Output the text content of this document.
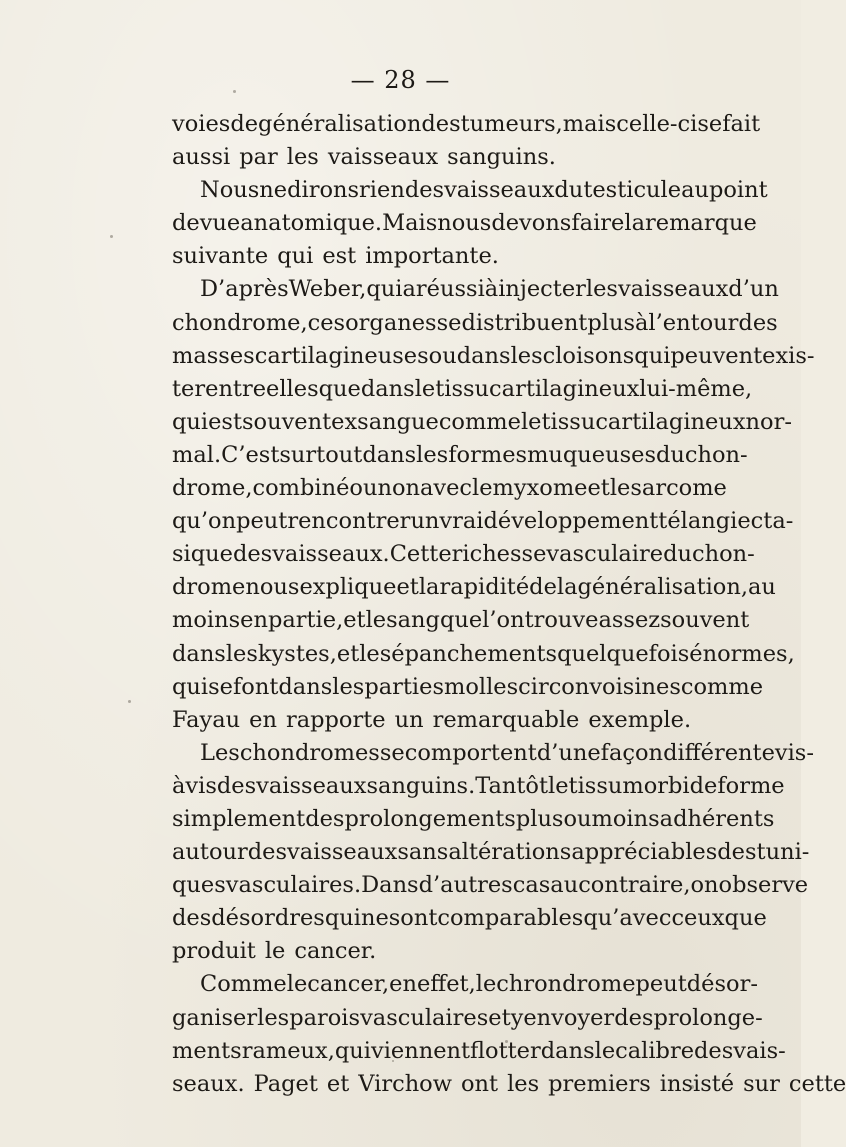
— 28 —
voies de généralisation des tumeurs, mais celle-ci se fait
aussi par les vaisseaux sanguins.
Nous ne dirons rien des vaisseaux du testicule au point
de vue anatomique. Mais nous devons faire la remarque
suivante qui est importante.
D’après Weber, qui a réussi à injecter les vaisseaux d’un
chondrome, ces organes se distribuent plus à l’entour des
masses cartilagineuses ou dans les cloisons qui peuvent exis-
ter entre elles que dans le tissu cartilagineux lui-même,
qui est souvent exsangue comme le tissu cartilagineux nor-
mal. C’est surtout dans les formes muqueuses du chon-
drome, combiné ou non avec le myxome et le sarcome
qu’on peut rencontrer un vrai développement télangiecta-
sique des vaisseaux. Cette richesse vasculaire du chon-
drome nous explique et la rapidité de la généralisation, au
moins en partie, et le sang que l’on trouve assez souvent
dans les kystes, et les épanchements quelquefois énormes,
qui se font dans les parties molles circonvoisines comme
Fayau en rapporte un remarquable exemple.
Les chondromes se comportent d’une façon différente vis-
à vis des vaisseaux sanguins. Tantôt le tissu morbide forme
simplement des prolongements plus ou moins adhérents
autour des vaisseaux sans altérations appréciables des tuni-
ques vasculaires. Dans d’autres cas au contraire, on observe
des désordres qui ne sont comparables qu’avec ceux que
produit le cancer.
Comme le cancer, en effet, le chrondrome peut désor-
ganiser les parois vasculaires et y envoyer des prolonge-
ments rameux, qui viennent flotter dans le calibre des vais-
seaux. Paget et Virchow ont les premiers insisté sur cette
